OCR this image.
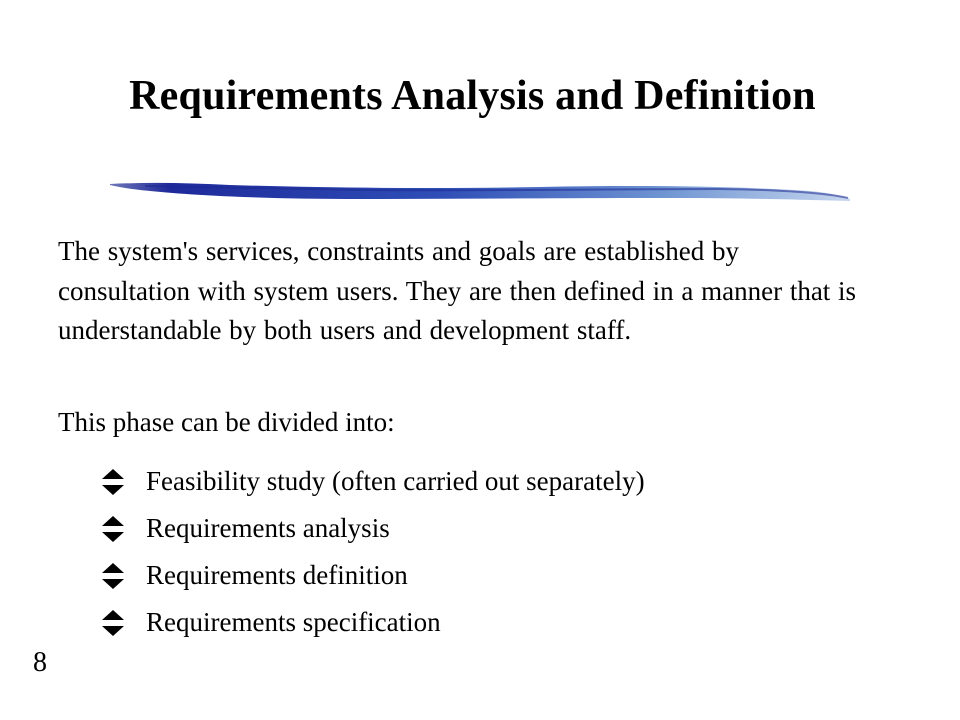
Requirements Analysis and Definition

The system's services, constraints and goals are established by consultation with system users. They are then defined in a manner that is understandable by both users and development staff.

This phase can be divided into:

Feasibility study (often carried out separately)
Requirements analysis
Requirements definition
Requirements specification

8
